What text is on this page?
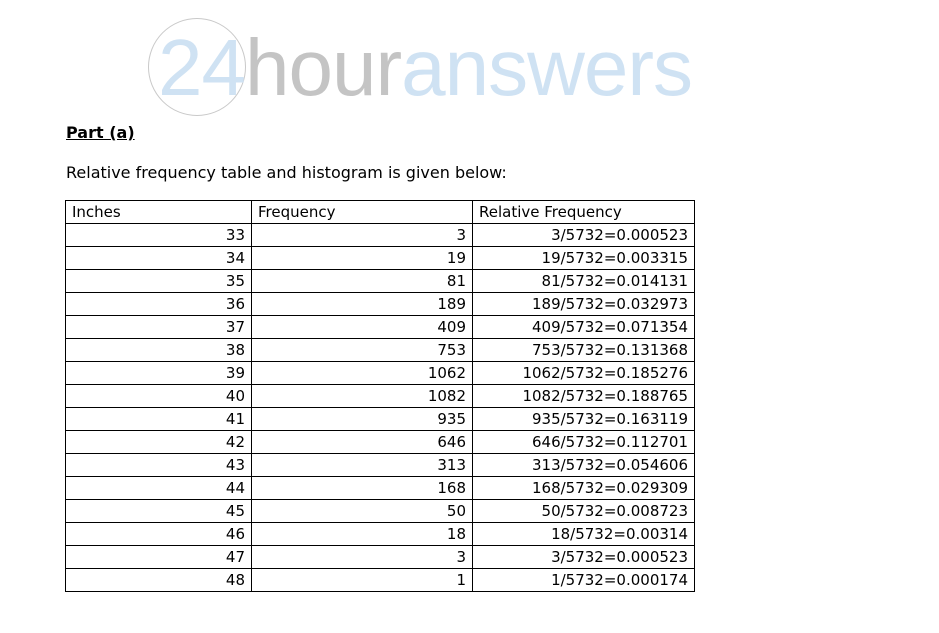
24houranswers
Part (a)
Relative frequency table and histogram is given below:
Inches	Frequency	Relative Frequency
33	3	3/5732=0.000523
34	19	19/5732=0.003315
35	81	81/5732=0.014131
36	189	189/5732=0.032973
37	409	409/5732=0.071354
38	753	753/5732=0.131368
39	1062	1062/5732=0.185276
40	1082	1082/5732=0.188765
41	935	935/5732=0.163119
42	646	646/5732=0.112701
43	313	313/5732=0.054606
44	168	168/5732=0.029309
45	50	50/5732=0.008723
46	18	18/5732=0.00314
47	3	3/5732=0.000523
48	1	1/5732=0.000174
